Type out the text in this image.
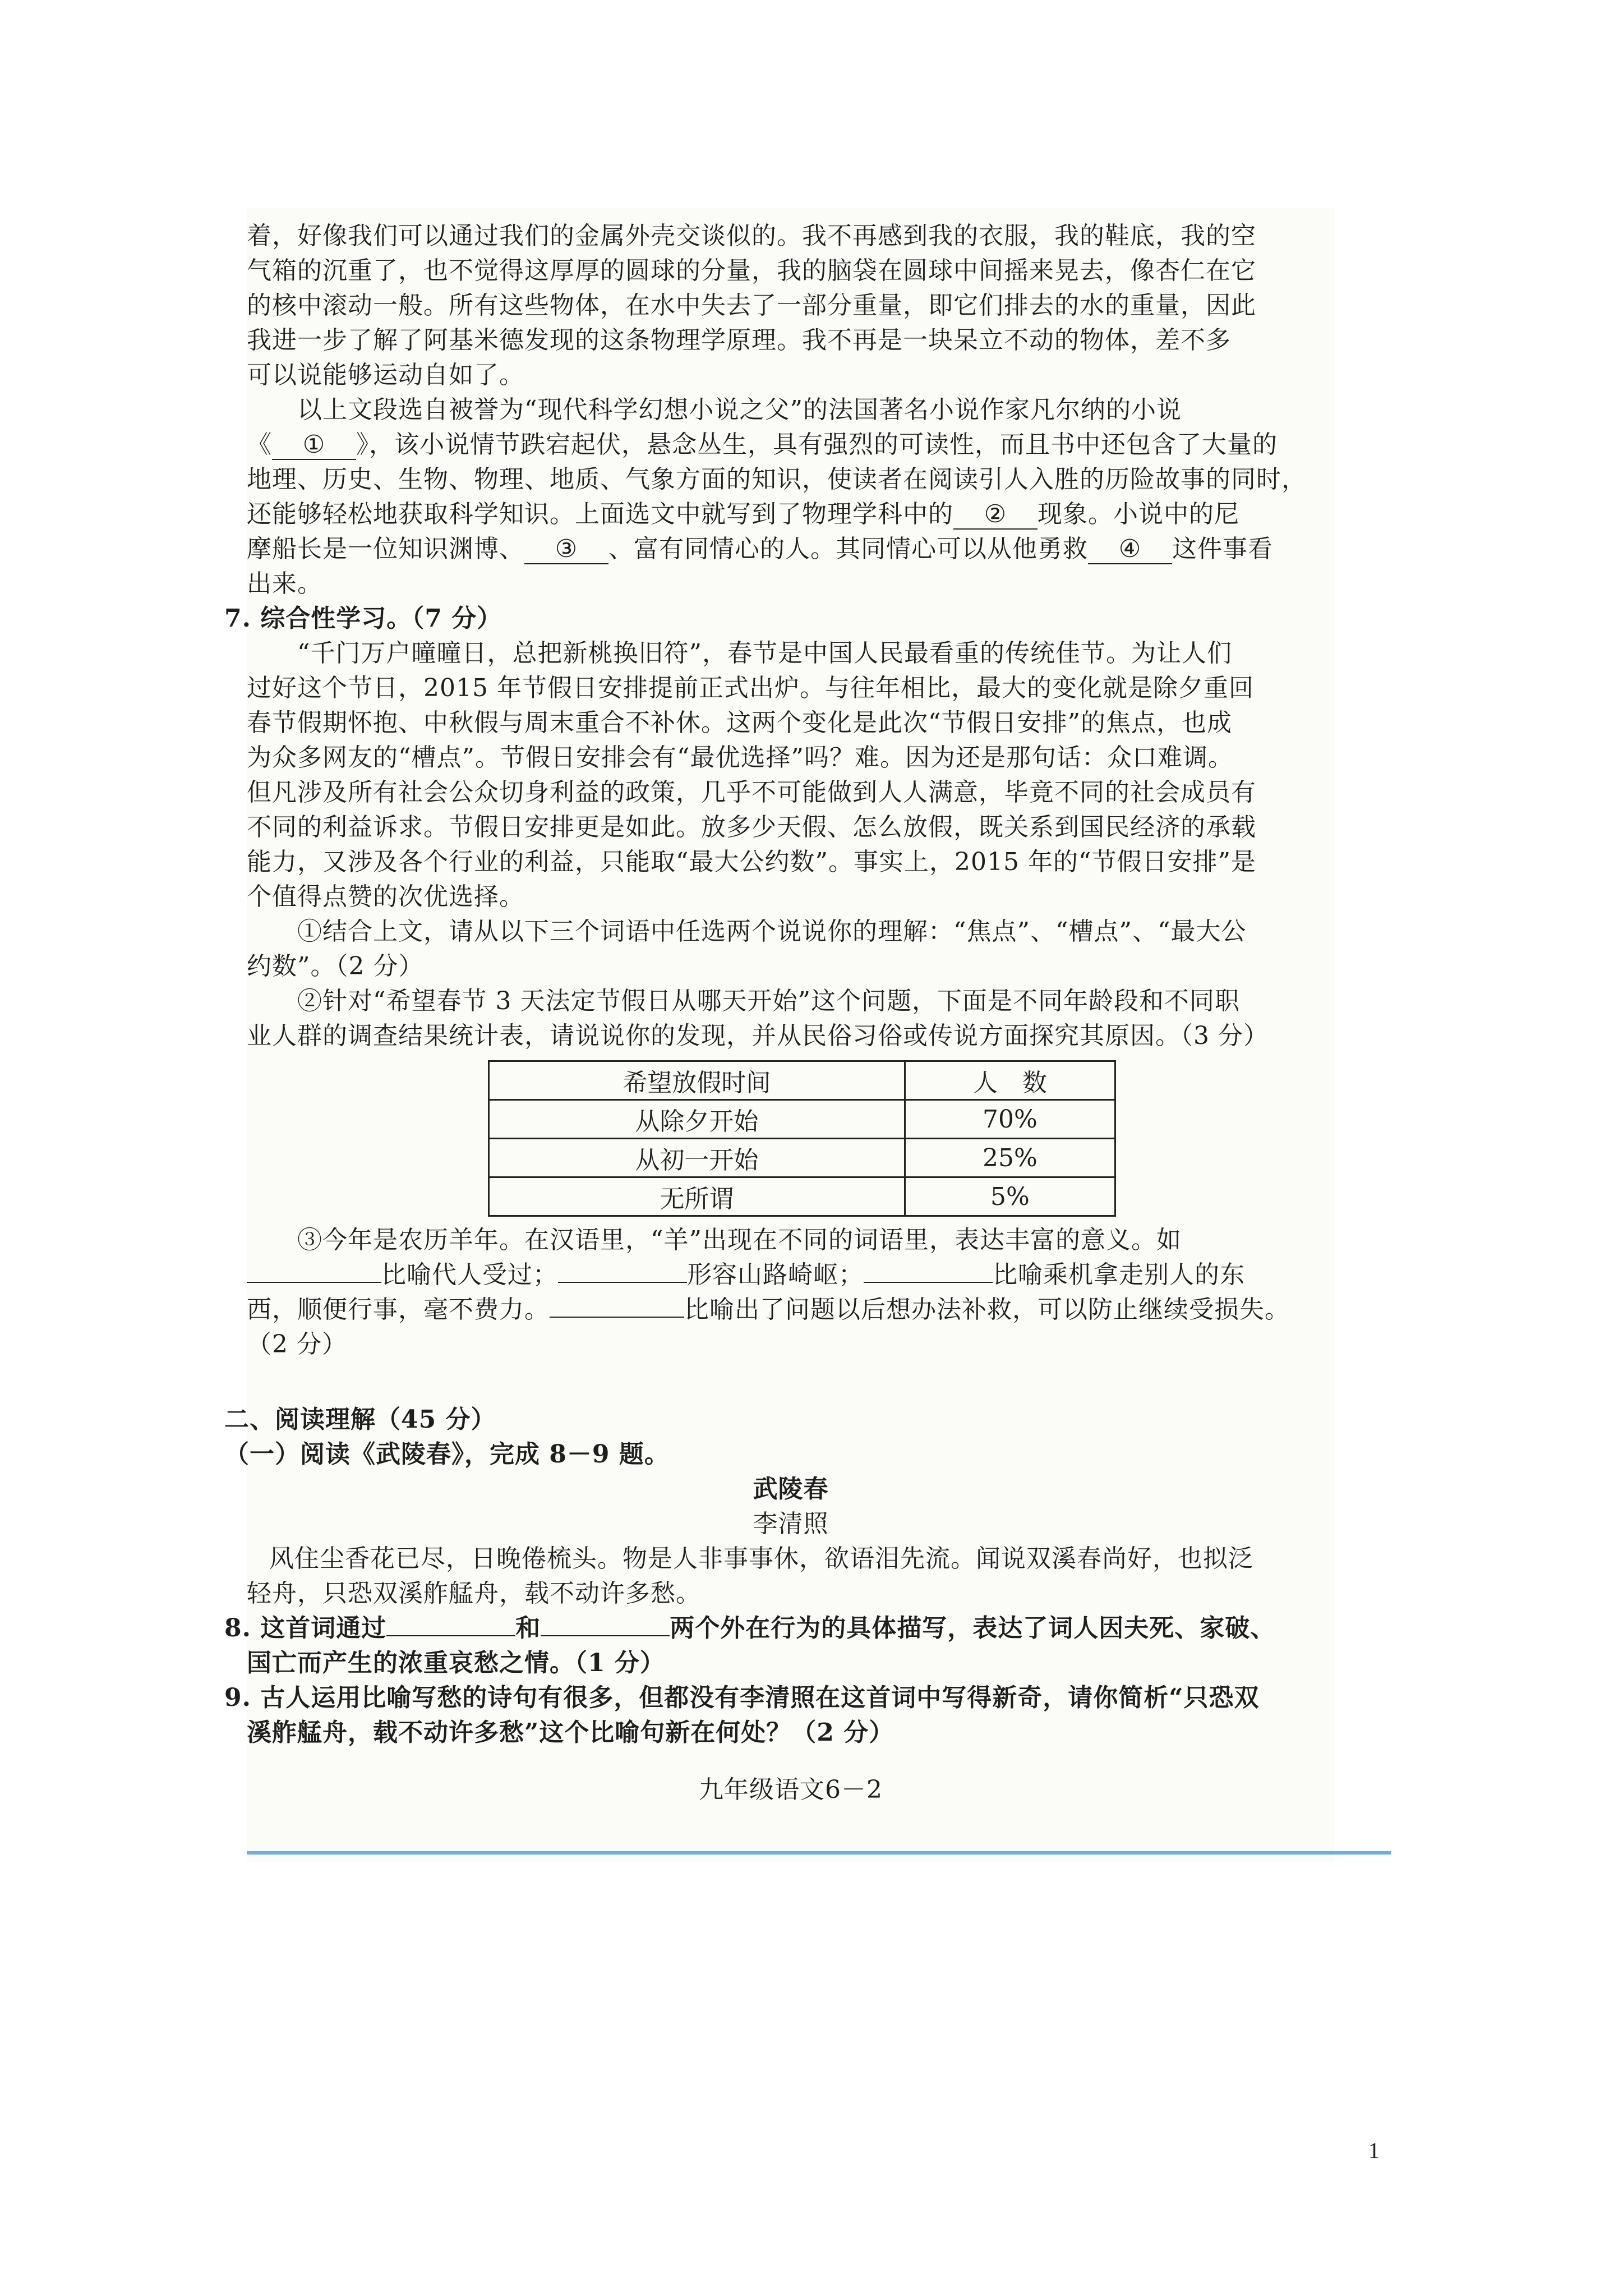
着，好像我们可以通过我们的金属外壳交谈似的。我不再感到我的衣服，我的鞋底，我的空
气箱的沉重了，也不觉得这厚厚的圆球的分量，我的脑袋在圆球中间摇来晃去，像杏仁在它
的核中滚动一般。所有这些物体，在水中失去了一部分重量，即它们排去的水的重量，因此
我进一步了解了阿基米德发现的这条物理学原理。我不再是一块呆立不动的物体，差不多
可以说能够运动自如了。
以上文段选自被誉为“现代科学幻想小说之父”的法国著名小说作家凡尔纳的小说
《 ① 》，该小说情节跌宕起伏，悬念丛生，具有强烈的可读性，而且书中还包含了大量的
地理、历史、生物、物理、地质、气象方面的知识，使读者在阅读引人入胜的历险故事的同时，
还能够轻松地获取科学知识。上面选文中就写到了物理学科中的 ② 现象。小说中的尼
摩船长是一位知识渊博、 ③ 、富有同情心的人。其同情心可以从他勇救 ④ 这件事看
出来。
7. 综合性学习。（7 分）
“千门万户曈曈日，总把新桃换旧符”，春节是中国人民最看重的传统佳节。为让人们
过好这个节日，2015 年节假日安排提前正式出炉。与往年相比，最大的变化就是除夕重回
春节假期怀抱、中秋假与周末重合不补休。这两个变化是此次“节假日安排”的焦点，也成
为众多网友的“槽点”。节假日安排会有“最优选择”吗？难。因为还是那句话：众口难调。
但凡涉及所有社会公众切身利益的政策，几乎不可能做到人人满意，毕竟不同的社会成员有
不同的利益诉求。节假日安排更是如此。放多少天假、怎么放假，既关系到国民经济的承载
能力，又涉及各个行业的利益，只能取“最大公约数”。事实上，2015 年的“节假日安排”是
个值得点赞的次优选择。
①结合上文，请从以下三个词语中任选两个说说你的理解：“焦点”、“槽点”、“最大公
约数”。（2 分）
②针对“希望春节 3 天法定节假日从哪天开始”这个问题，下面是不同年龄段和不同职
业人群的调查结果统计表，请说说你的发现，并从民俗习俗或传说方面探究其原因。（3 分）
希望放假时间	人　数
从除夕开始	70%
从初一开始	25%
无所谓	5%
③今年是农历羊年。在汉语里，“羊”出现在不同的词语里，表达丰富的意义。如
比喻代人受过；	形容山路崎岖；	比喻乘机拿走别人的东
西，顺便行事，毫不费力。	比喻出了问题以后想办法补救，可以防止继续受损失。
（2 分）
二、阅读理解（45 分）
（一）阅读《武陵春》，完成 8－9 题。
武陵春
李清照
风住尘香花已尽，日晚倦梳头。物是人非事事休，欲语泪先流。闻说双溪春尚好，也拟泛
轻舟，只恐双溪舴艋舟，载不动许多愁。
8. 这首词通过	和	两个外在行为的具体描写，表达了词人因夫死、家破、
国亡而产生的浓重哀愁之情。（1 分）
9. 古人运用比喻写愁的诗句有很多，但都没有李清照在这首词中写得新奇，请你简析“只恐双
溪舴艋舟，载不动许多愁”这个比喻句新在何处？（2 分）
九年级语文6－2
1
